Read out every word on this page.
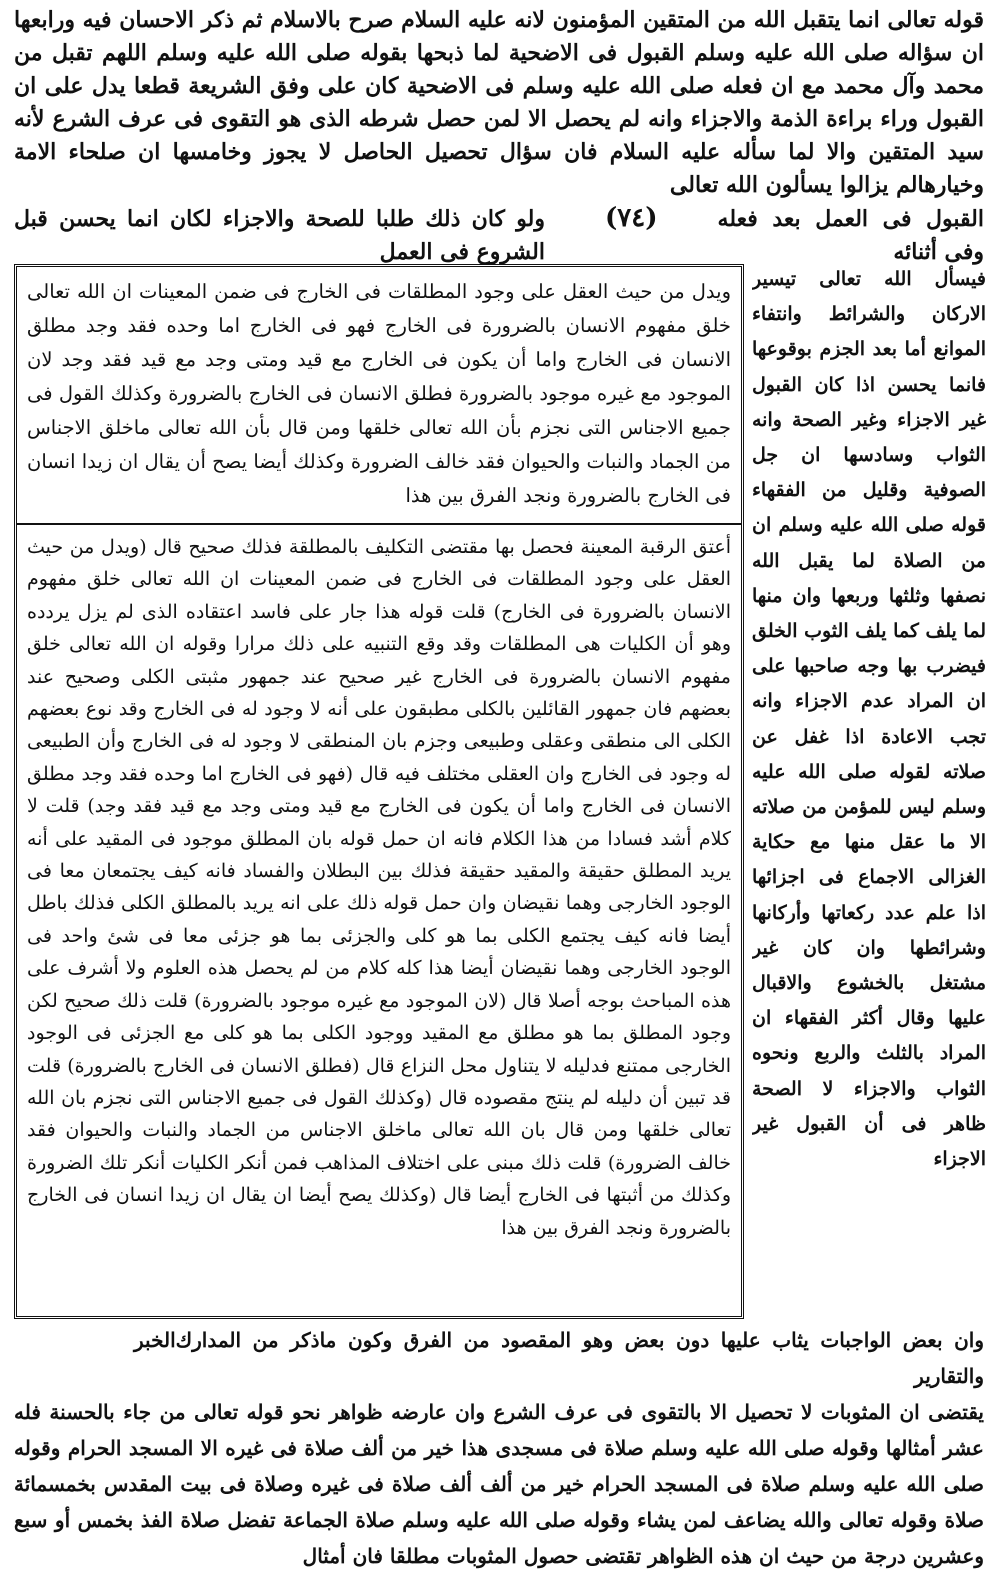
قوله تعالى انما يتقبل الله من المتقين المؤمنون لانه عليه السلام صرح بالاسلام ثم ذكر الاحسان فيه ورابعها ان سؤاله صلى الله عليه وسلم القبول فى الاضحية لما ذبحها بقوله صلى الله عليه وسلم اللهم تقبل من محمد وآل محمد مع ان فعله صلى الله عليه وسلم فى الاضحية كان على وفق الشريعة قطعا يدل على ان القبول وراء براءة الذمة والاجزاء وانه لم يحصل الا لمن حصل شرطه الذى هو التقوى فى عرف الشرع لأنه سيد المتقين والا لما سأله عليه السلام فان سؤال تحصيل الحاصل لا يجوز وخامسها ان صلحاء الامة وخيارهالم يزالوا يسألون الله تعالى

القبول فى العمل بعد فعله وفى أثنائه
(٧٤)
ولو كان ذلك طلبا للصحة والاجزاء لكان انما يحسن قبل الشروع فى العمل

ويدل من حيث العقل على وجود المطلقات فى الخارج فى ضمن المعينات ان الله تعالى خلق مفهوم الانسان بالضرورة فى الخارج فهو فى الخارج اما وحده فقد وجد مطلق الانسان فى الخارج واما أن يكون فى الخارج مع قيد ومتى وجد مع قيد فقد وجد لان الموجود مع غيره موجود بالضرورة فطلق الانسان فى الخارج بالضرورة وكذلك القول فى جميع الاجناس التى نجزم بأن الله تعالى خلقها ومن قال بأن الله تعالى ماخلق الاجناس من الجماد والنبات والحيوان فقد خالف الضرورة وكذلك أيضا يصح أن يقال ان زيدا انسان فى الخارج بالضرورة ونجد الفرق بين هذا

أعتق الرقبة المعينة فحصل بها مقتضى التكليف بالمطلقة فذلك صحيح قال (ويدل من حيث العقل على وجود المطلقات فى الخارج فى ضمن المعينات ان الله تعالى خلق مفهوم الانسان بالضرورة فى الخارج) قلت قوله هذا جار على فاسد اعتقاده الذى لم يزل يردده وهو أن الكليات هى المطلقات وقد وقع التنبيه على ذلك مرارا وقوله ان الله تعالى خلق مفهوم الانسان بالضرورة فى الخارج غير صحيح عند جمهور مثبتى الكلى وصحيح عند بعضهم فان جمهور القائلين بالكلى مطبقون على أنه لا وجود له فى الخارج وقد نوع بعضهم الكلى الى منطقى وعقلى وطبيعى وجزم بان المنطقى لا وجود له فى الخارج وأن الطبيعى له وجود فى الخارج وان العقلى مختلف فيه قال (فهو فى الخارج اما وحده فقد وجد مطلق الانسان فى الخارج واما أن يكون فى الخارج مع قيد ومتى وجد مع قيد فقد وجد) قلت لا كلام أشد فسادا من هذا الكلام فانه ان حمل قوله بان المطلق موجود فى المقيد على أنه يريد المطلق حقيقة والمقيد حقيقة فذلك بين البطلان والفساد فانه كيف يجتمعان معا فى الوجود الخارجى وهما نقيضان وان حمل قوله ذلك على انه يريد بالمطلق الكلى فذلك باطل أيضا فانه كيف يجتمع الكلى بما هو كلى والجزئى بما هو جزئى معا فى شئ واحد فى الوجود الخارجى وهما نقيضان أيضا هذا كله كلام من لم يحصل هذه العلوم ولا أشرف على هذه المباحث بوجه أصلا قال (لان الموجود مع غيره موجود بالضرورة) قلت ذلك صحيح لكن وجود المطلق بما هو مطلق مع المقيد ووجود الكلى بما هو كلى مع الجزئى فى الوجود الخارجى ممتنع فدليله لا يتناول محل النزاع قال (فطلق الانسان فى الخارج بالضرورة) قلت قد تبين أن دليله لم ينتج مقصوده قال (وكذلك القول فى جميع الاجناس التى نجزم بان الله تعالى خلقها ومن قال بان الله تعالى ماخلق الاجناس من الجماد والنبات والحيوان فقد خالف الضرورة) قلت ذلك مبنى على اختلاف المذاهب فمن أنكر الكليات أنكر تلك الضرورة وكذلك من أثبتها فى الخارج أيضا قال (وكذلك يصح أيضا ان يقال ان زيدا انسان فى الخارج بالضرورة ونجد الفرق بين هذا

فيسأل الله تعالى تيسير الاركان والشرائط وانتفاء الموانع أما بعد الجزم بوقوعها فانما يحسن اذا كان القبول غير الاجزاء وغير الصحة وانه الثواب وسادسها ان جل الصوفية وقليل من الفقهاء قوله صلى الله عليه وسلم ان من الصلاة لما يقبل الله نصفها وثلثها وربعها وان منها لما يلف كما يلف الثوب الخلق فيضرب بها وجه صاحبها على ان المراد عدم الاجزاء وانه تجب الاعادة اذا غفل عن صلاته لقوله صلى الله عليه وسلم ليس للمؤمن من صلاته الا ما عقل منها مع حكاية الغزالى الاجماع فى اجزائها اذا علم عدد ركعاتها وأركانها وشرائطها وان كان غير مشتغل بالخشوع والاقبال عليها وقال أكثر الفقهاء ان المراد بالثلث والربع ونحوه الثواب والاجزاء لا الصحة ظاهر فى أن القبول غير الاجزاء

وان بعض الواجبات يثاب عليها دون بعض وهو المقصود من الفرق وكون ماذكر من المدارك والتقارير
الخبر

يقتضى ان المثوبات لا تحصيل الا بالتقوى فى عرف الشرع وان عارضه ظواهر نحو قوله تعالى من جاء بالحسنة فله عشر أمثالها وقوله صلى الله عليه وسلم صلاة فى مسجدى هذا خير من ألف صلاة فى غيره الا المسجد الحرام وقوله صلى الله عليه وسلم صلاة فى المسجد الحرام خير من ألف ألف صلاة فى غيره وصلاة فى بيت المقدس بخمسمائة صلاة وقوله تعالى والله يضاعف لمن يشاء وقوله صلى الله عليه وسلم صلاة الجماعة تفضل صلاة الفذ بخمس أو سبع وعشرين درجة من حيث ان هذه الظواهر تقتضى حصول المثوبات مطلقا فان أمثال
